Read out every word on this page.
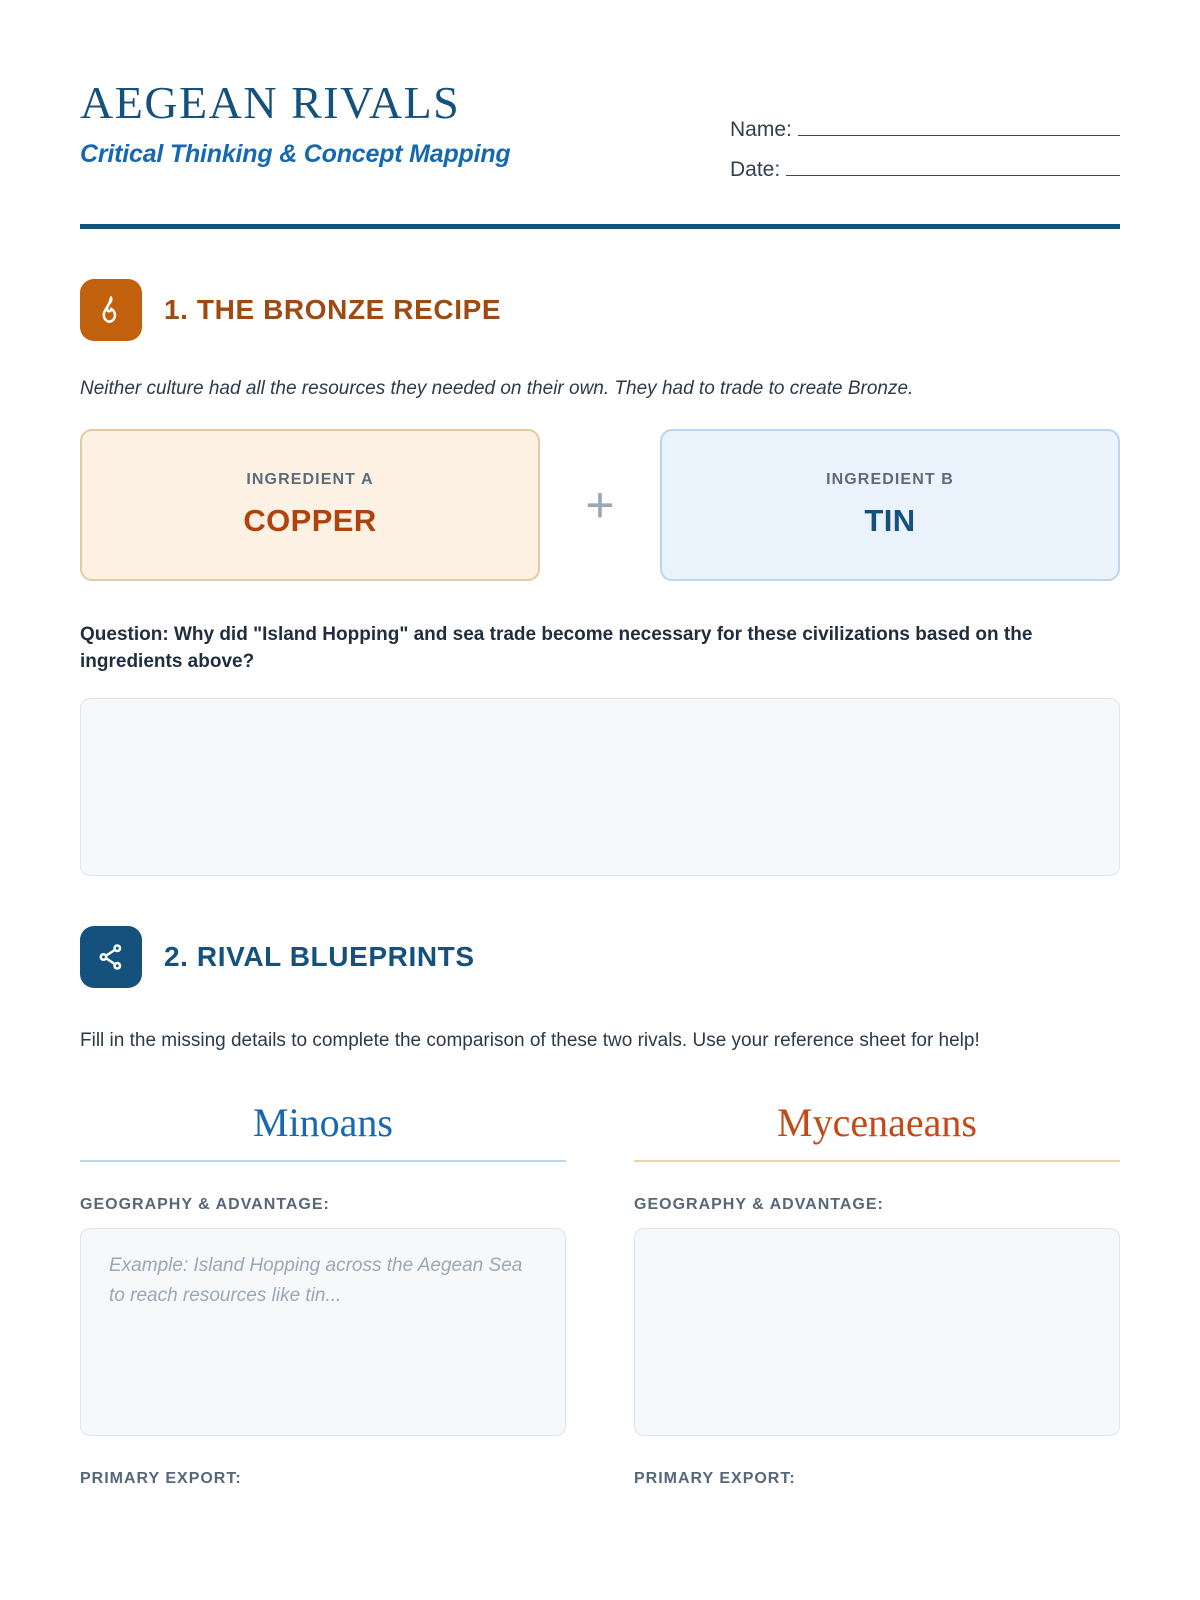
AEGEAN RIVALS
Critical Thinking & Concept Mapping
Name:
Date:
1. THE BRONZE RECIPE

Neither culture had all the resources they needed on their own. They had to trade to create Bronze.

INGREDIENT A
COPPER	+	INGREDIENT B
TIN

Question: Why did "Island Hopping" and sea trade become necessary for these civilizations based on the ingredients above?

2. RIVAL BLUEPRINTS

Fill in the missing details to complete the comparison of these two rivals. Use your reference sheet for help!

Minoans
GEOGRAPHY & ADVANTAGE:

Example: Island Hopping across the Aegean Sea to reach resources like tin...

PRIMARY EXPORT:
Mycenaeans
GEOGRAPHY & ADVANTAGE:

PRIMARY EXPORT:
